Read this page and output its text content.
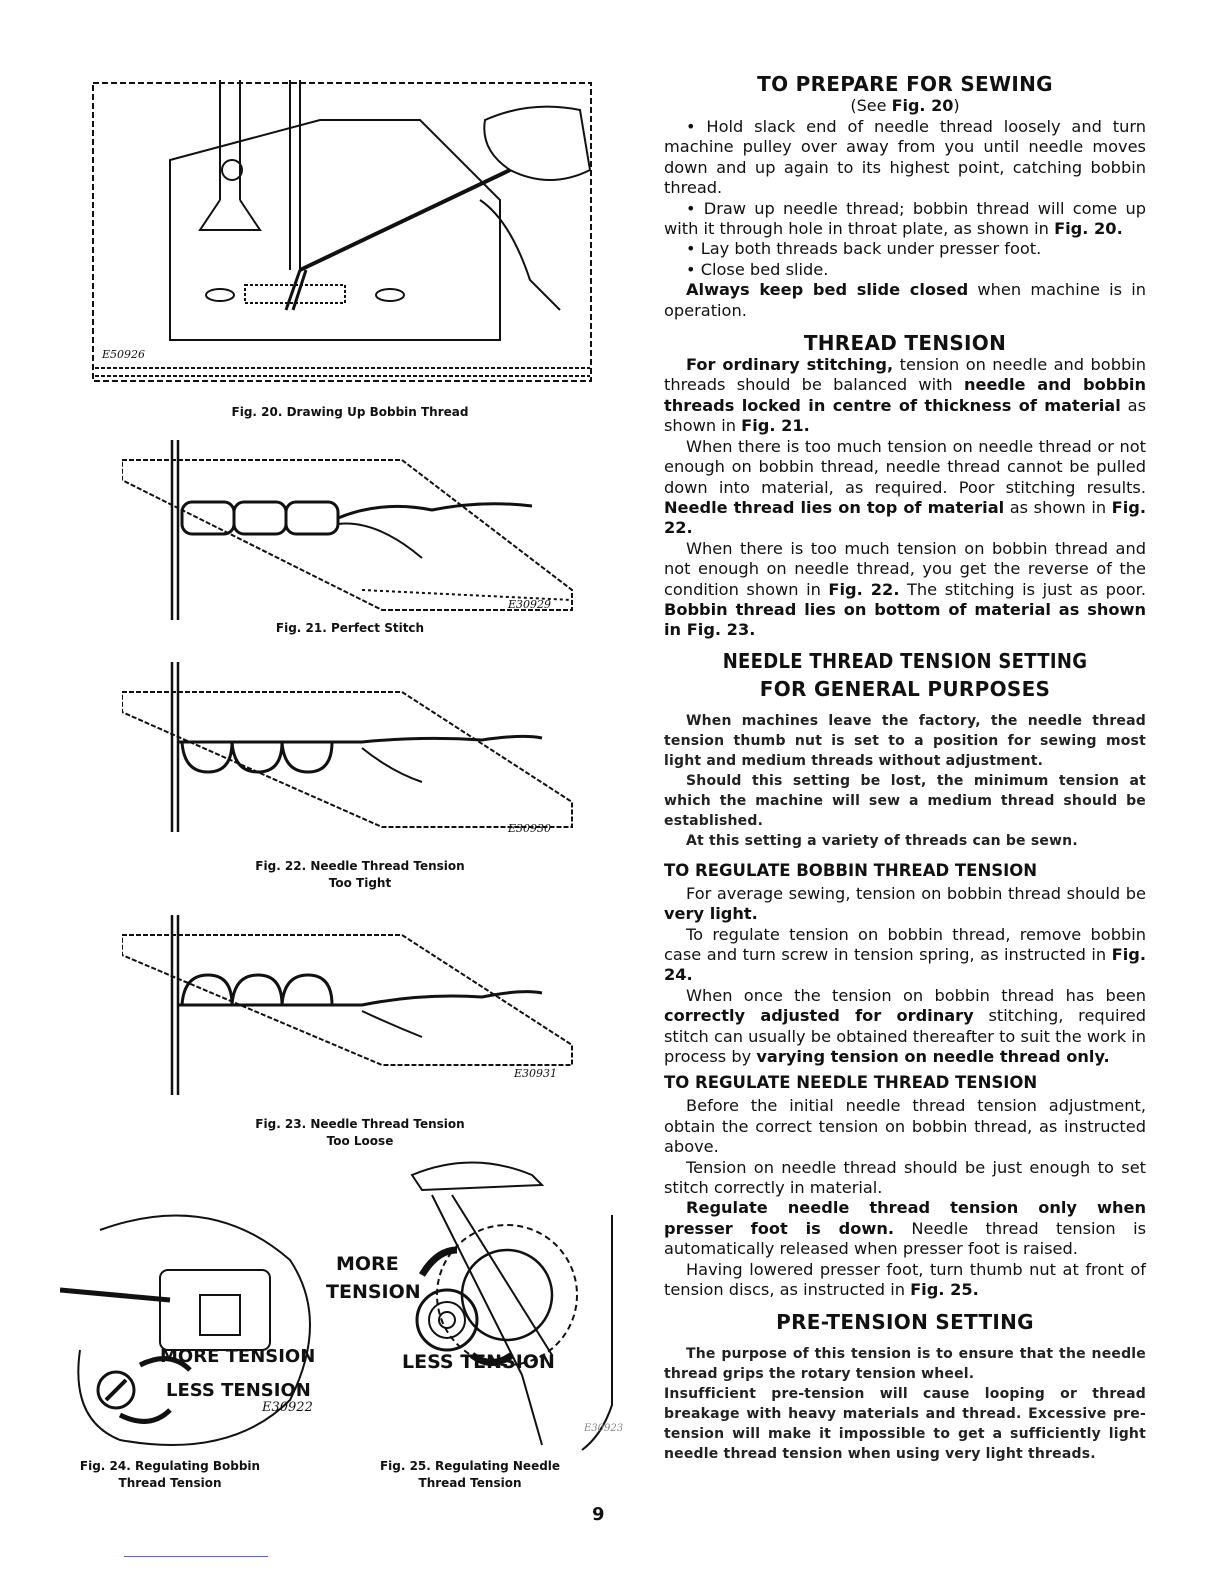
E50926
Fig. 20. Drawing Up Bobbin Thread
E30929
Fig. 21. Perfect Stitch
E30930
Fig. 22. Needle Thread Tension
Too Tight
E30931
Fig. 23. Needle Thread Tension
Too Loose
MORE TENSION
LESS TENSION
E30922
Fig. 24. Regulating Bobbin
Thread Tension
MORE
TENSION
LESS TENSION
E30923
Fig. 25. Regulating Needle
Thread Tension
TO PREPARE FOR SEWING
(See Fig. 20)

• Hold slack end of needle thread loosely and turn machine pulley over away from you until needle moves down and up again to its highest point, catching bobbin thread.

• Draw up needle thread; bobbin thread will come up with it through hole in throat plate, as shown in Fig. 20.

• Lay both threads back under presser foot.

• Close bed slide.

Always keep bed slide closed when machine is in operation.

THREAD TENSION

For ordinary stitching, tension on needle and bobbin threads should be balanced with needle and bobbin threads locked in centre of thickness of material as shown in Fig. 21.

When there is too much tension on needle thread or not enough on bobbin thread, needle thread cannot be pulled down into material, as required. Poor stitching results. Needle thread lies on top of material as shown in Fig. 22.

When there is too much tension on bobbin thread and not enough on needle thread, you get the reverse of the condition shown in Fig. 22. The stitching is just as poor. Bobbin thread lies on bottom of material as shown in Fig. 23.

NEEDLE THREAD TENSION SETTING
FOR GENERAL PURPOSES

When machines leave the factory, the needle thread tension thumb nut is set to a position for sewing most light and medium threads without adjustment.

Should this setting be lost, the minimum tension at which the machine will sew a medium thread should be established.

At this setting a variety of threads can be sewn.

TO REGULATE BOBBIN THREAD TENSION

For average sewing, tension on bobbin thread should be very light.

To regulate tension on bobbin thread, remove bobbin case and turn screw in tension spring, as instructed in Fig. 24.

When once the tension on bobbin thread has been correctly adjusted for ordinary stitching, required stitch can usually be obtained thereafter to suit the work in process by varying tension on needle thread only.

TO REGULATE NEEDLE THREAD TENSION

Before the initial needle thread tension adjustment, obtain the correct tension on bobbin thread, as instructed above.

Tension on needle thread should be just enough to set stitch correctly in material.

Regulate needle thread tension only when presser foot is down. Needle thread tension is automatically released when presser foot is raised.

Having lowered presser foot, turn thumb nut at front of tension discs, as instructed in Fig. 25.

PRE-TENSION SETTING

The purpose of this tension is to ensure that the needle thread grips the rotary tension wheel.

Insufficient pre-tension will cause looping or thread breakage with heavy materials and thread. Excessive pre-tension will make it impossible to get a sufficiently light needle thread tension when using very light threads.

9
